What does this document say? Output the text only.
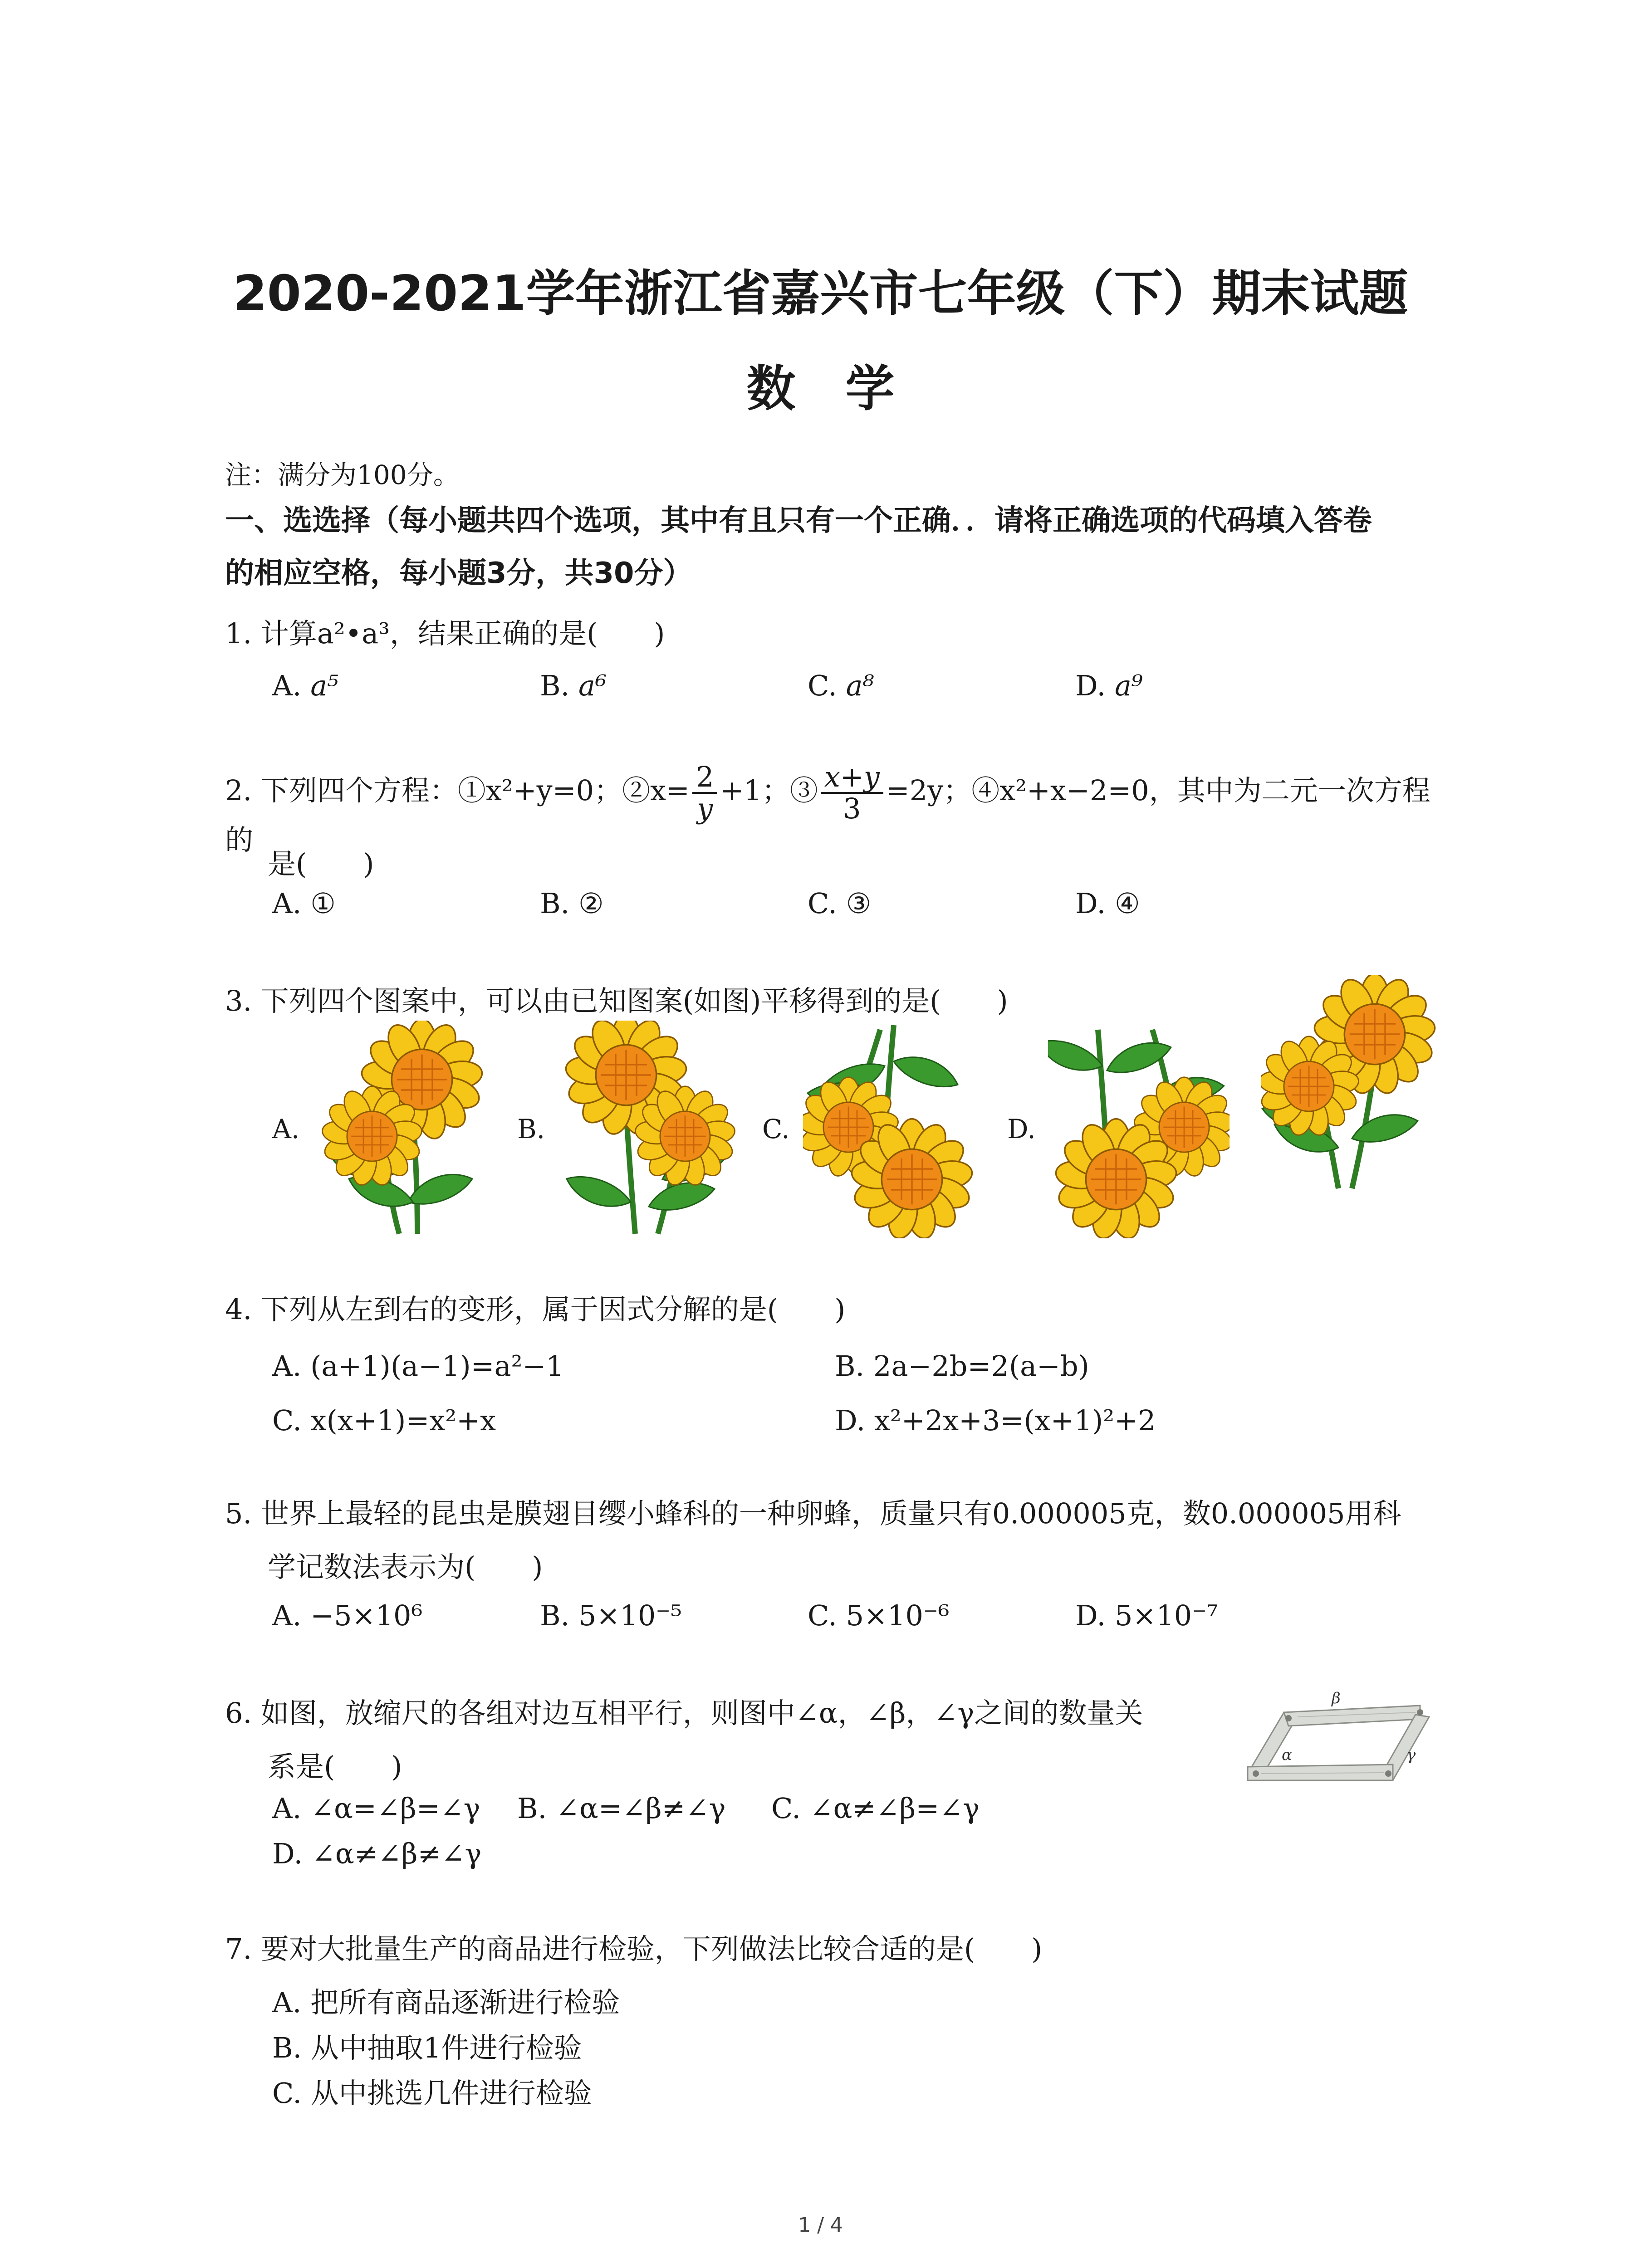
2020-2021学年浙江省嘉兴市七年级（下）期末试题
数学
注：满分为100分。
一、选选择（每小题共四个选项，其中有且只有一个正确．．请将正确选项的代码填入答卷
的相应空格，每小题3分，共30分）
1. 计算a²•a³，结果正确的是(　　)
A. a⁵	B. a⁶	C. a⁸	D. a⁹
2. 下列四个方程：①x²+y=0；②x= $\frac{2}{y} +1$；③ $\frac{x+y}{3} =2y$；④x²+x−2=0，其中为二元一次方程的
是(　　)
A. ①	B. ②	C. ③	D. ④
3. 下列四个图案中，可以由已知图案(如图)平移得到的是(　　)
A.	B.	C.	D.
4. 下列从左到右的变形，属于因式分解的是(　　)
A. (a+1)(a−1)=a²−1	B. 2a−2b=2(a−b)
C. x(x+1)=x²+x	D. x²+2x+3=(x+1)²+2
5. 世界上最轻的昆虫是膜翅目缨小蜂科的一种卵蜂，质量只有0.000005克，数0.000005用科
学记数法表示为(　　)
A. −5×10⁶	B. 5×10⁻⁵	C. 5×10⁻⁶	D. 5×10⁻⁷
6. 如图，放缩尺的各组对边互相平行，则图中∠α，∠β，∠γ之间的数量关
系是(　　)
A. ∠α=∠β=∠γ B. ∠α=∠β≠∠γ C. ∠α≠∠β=∠γ
D. ∠α≠∠β≠∠γ
β
α	γ
7. 要对大批量生产的商品进行检验，下列做法比较合适的是(　　)
A. 把所有商品逐渐进行检验
B. 从中抽取1件进行检验
C. 从中挑选几件进行检验
1 / 4
